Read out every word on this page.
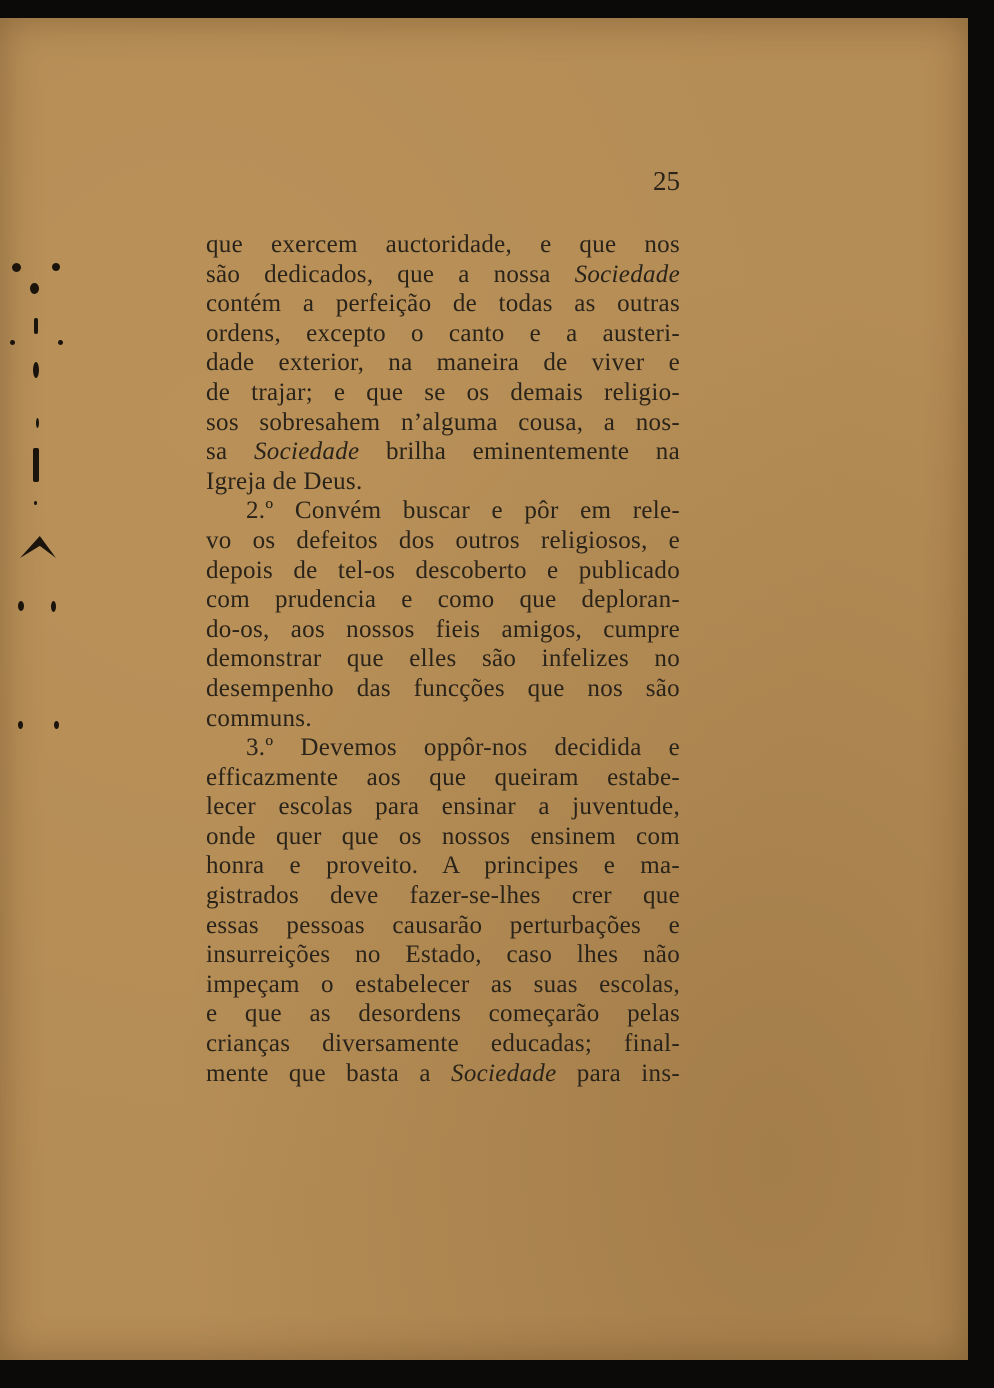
25
que exercem auctoridade, e que nos
são dedicados, que a nossa Sociedade
contém a perfeição de todas as outras
ordens, excepto o canto e a austeri-
dade exterior, na maneira de viver e
de trajar; e que se os demais religio-
sos sobresahem n’alguma cousa, a nos-
sa Sociedade brilha eminentemente na
Igreja de Deus.
2.º Convém buscar e pôr em rele-
vo os defeitos dos outros religiosos, e
depois de tel-os descoberto e publicado
com prudencia e como que deploran-
do-os, aos nossos fieis amigos, cumpre
demonstrar que elles são infelizes no
desempenho das funcções que nos são
communs.
3.º Devemos oppôr-nos decidida e
efficazmente aos que queiram estabe-
lecer escolas para ensinar a juventude,
onde quer que os nossos ensinem com
honra e proveito. A principes e ma-
gistrados deve fazer-se-lhes crer que
essas pessoas causarão perturbações e
insurreições no Estado, caso lhes não
impeçam o estabelecer as suas escolas,
e que as desordens começarão pelas
crianças diversamente educadas; final-
mente que basta a Sociedade para ins-
